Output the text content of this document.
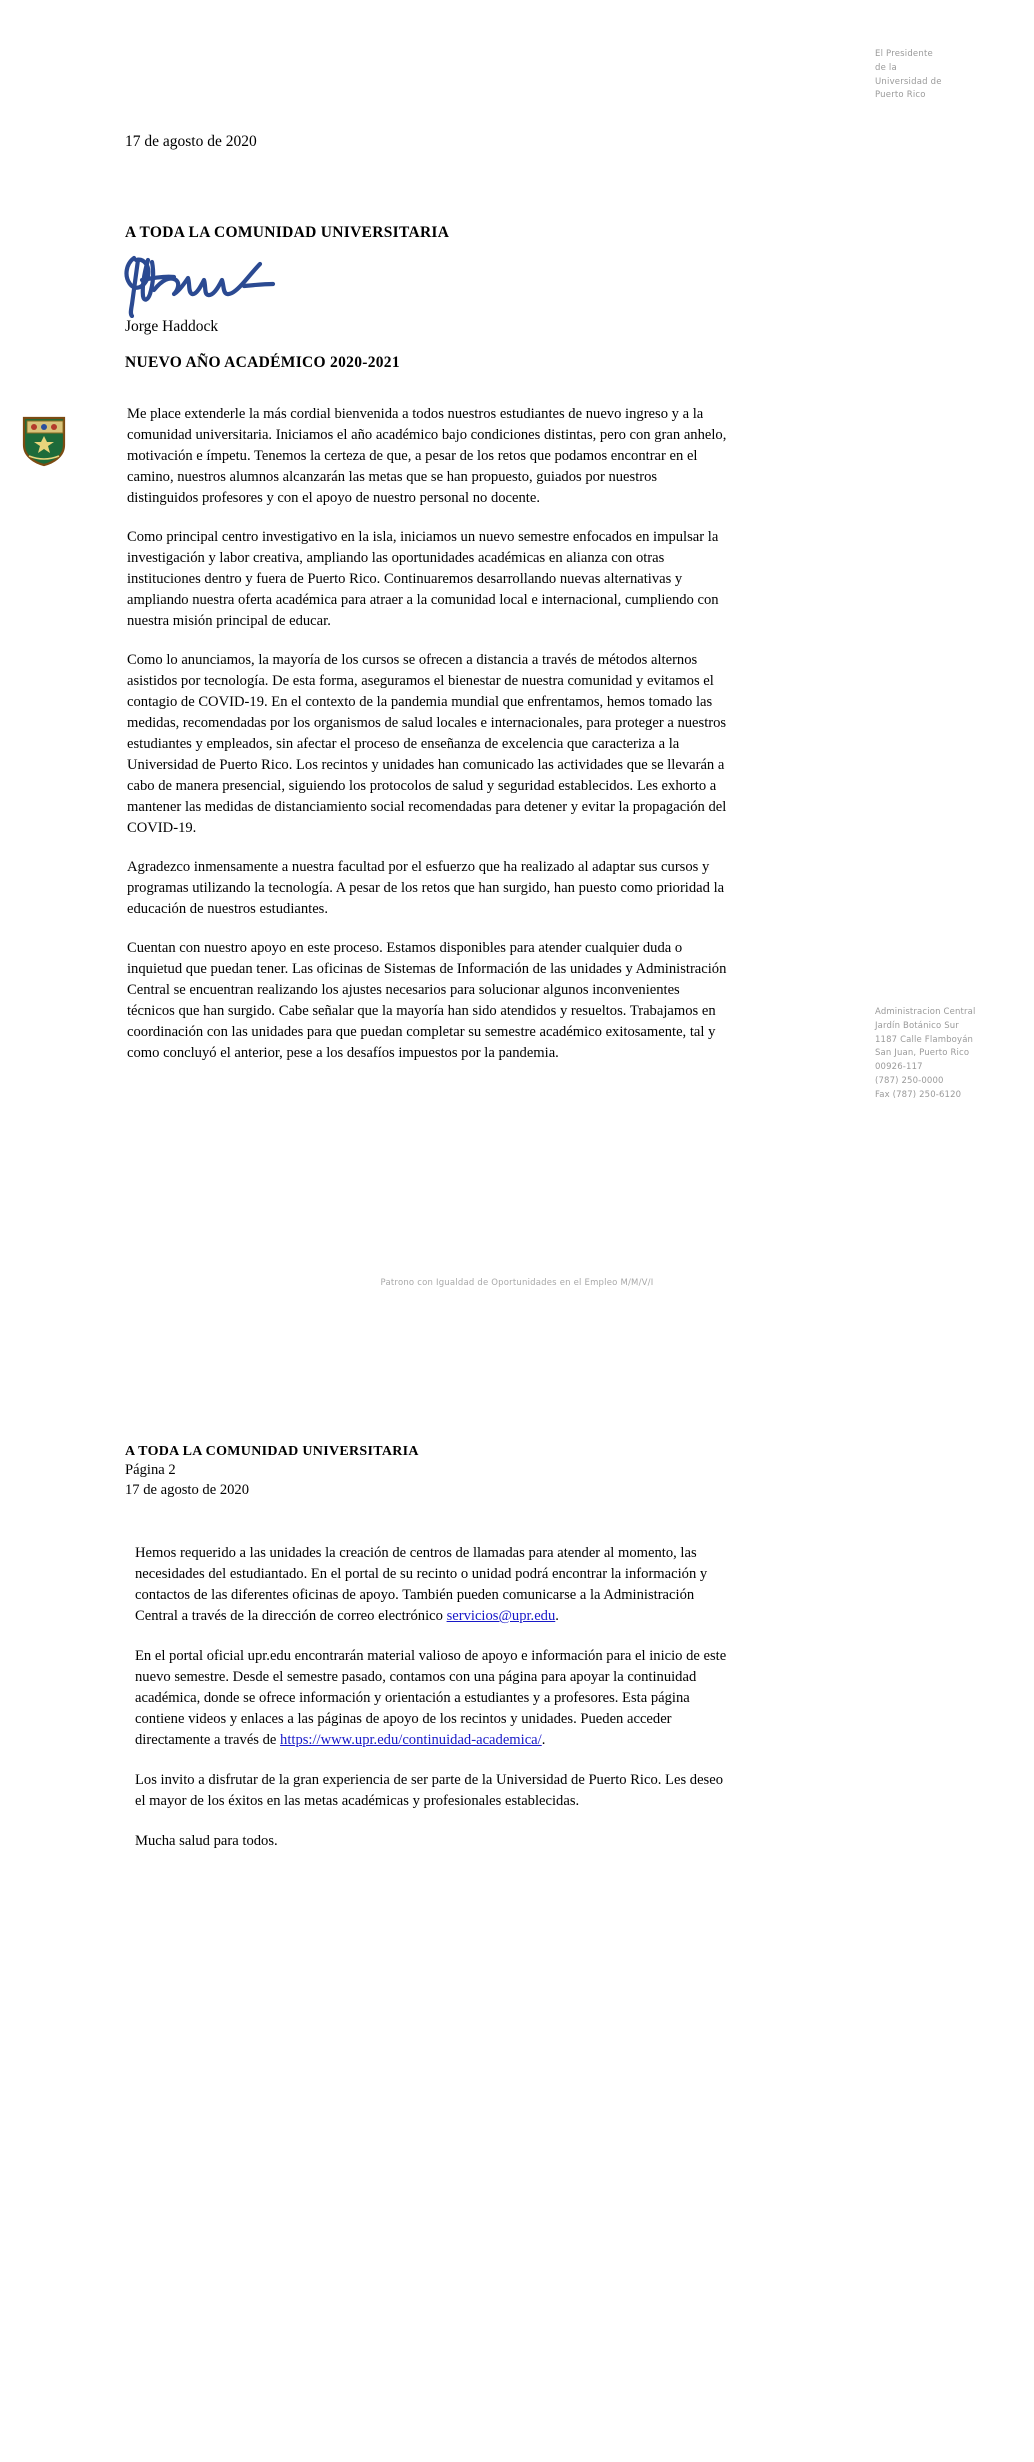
El Presidente
de la
Universidad de
Puerto Rico
17 de agosto de 2020
A TODA LA COMUNIDAD UNIVERSITARIA
Jorge Haddock
NUEVO AÑO ACADÉMICO 2020-2021

Me place extenderle la más cordial bienvenida a todos nuestros estudiantes de nuevo ingreso y a la comunidad universitaria. Iniciamos el año académico bajo condiciones distintas, pero con gran anhelo, motivación e ímpetu. Tenemos la certeza de que, a pesar de los retos que podamos encontrar en el camino, nuestros alumnos alcanzarán las metas que se han propuesto, guiados por nuestros distinguidos profesores y con el apoyo de nuestro personal no docente.

Como principal centro investigativo en la isla, iniciamos un nuevo semestre enfocados en impulsar la investigación y labor creativa, ampliando las oportunidades académicas en alianza con otras instituciones dentro y fuera de Puerto Rico. Continuaremos desarrollando nuevas alternativas y ampliando nuestra oferta académica para atraer a la comunidad local e internacional, cumpliendo con nuestra misión principal de educar.

Como lo anunciamos, la mayoría de los cursos se ofrecen a distancia a través de métodos alternos asistidos por tecnología. De esta forma, aseguramos el bienestar de nuestra comunidad y evitamos el contagio de COVID-19. En el contexto de la pandemia mundial que enfrentamos, hemos tomado las medidas, recomendadas por los organismos de salud locales e internacionales, para proteger a nuestros estudiantes y empleados, sin afectar el proceso de enseñanza de excelencia que caracteriza a la Universidad de Puerto Rico. Los recintos y unidades han comunicado las actividades que se llevarán a cabo de manera presencial, siguiendo los protocolos de salud y seguridad establecidos. Les exhorto a mantener las medidas de distanciamiento social recomendadas para detener y evitar la propagación del COVID-19.

Agradezco inmensamente a nuestra facultad por el esfuerzo que ha realizado al adaptar sus cursos y programas utilizando la tecnología. A pesar de los retos que han surgido, han puesto como prioridad la educación de nuestros estudiantes.

Cuentan con nuestro apoyo en este proceso. Estamos disponibles para atender cualquier duda o inquietud que puedan tener. Las oficinas de Sistemas de Información de las unidades y Administración Central se encuentran realizando los ajustes necesarios para solucionar algunos inconvenientes técnicos que han surgido. Cabe señalar que la mayoría han sido atendidos y resueltos. Trabajamos en coordinación con las unidades para que puedan completar su semestre académico exitosamente, tal y como concluyó el anterior, pese a los desafíos impuestos por la pandemia.

Administracion Central
Jardín Botánico Sur
1187 Calle Flamboyán
San Juan, Puerto Rico
00926-117
(787) 250-0000
Fax (787) 250-6120
Patrono con Igualdad de Oportunidades en el Empleo M/M/V/I
A TODA LA COMUNIDAD UNIVERSITARIA
Página 2
17 de agosto de 2020

Hemos requerido a las unidades la creación de centros de llamadas para atender al momento, las necesidades del estudiantado. En el portal de su recinto o unidad podrá encontrar la información y contactos de las diferentes oficinas de apoyo. También pueden comunicarse a la Administración Central a través de la dirección de correo electrónico servicios@upr.edu.

En el portal oficial upr.edu encontrarán material valioso de apoyo e información para el inicio de este nuevo semestre. Desde el semestre pasado, contamos con una página para apoyar la continuidad académica, donde se ofrece información y orientación a estudiantes y a profesores. Esta página contiene videos y enlaces a las páginas de apoyo de los recintos y unidades. Pueden acceder directamente a través de https://www.upr.edu/continuidad-academica/.

Los invito a disfrutar de la gran experiencia de ser parte de la Universidad de Puerto Rico. Les deseo el mayor de los éxitos en las metas académicas y profesionales establecidas.

Mucha salud para todos.
